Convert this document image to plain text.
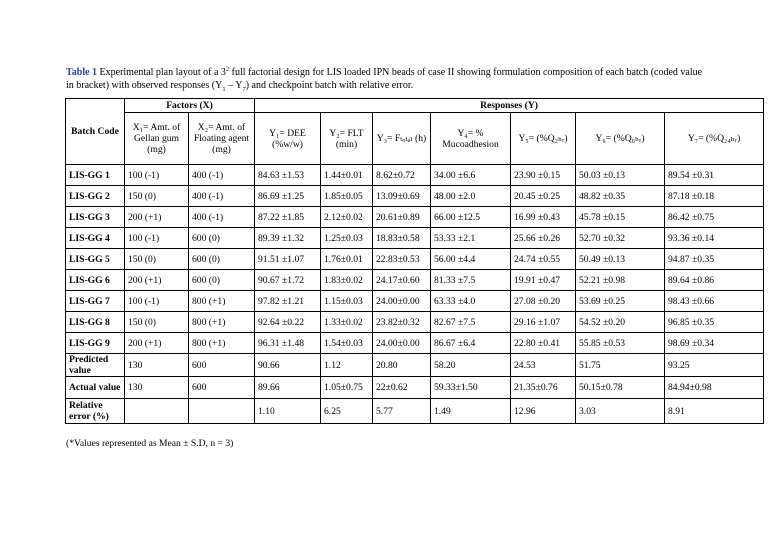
Table 1 Experimental plan layout of a $3^2$ full factorial design for LIS loaded IPN beads of case II showing formulation composition of each batch (coded value in bracket) with observed responses $(Y_1 - Y_7)$ and checkpoint batch with relative error.
Batch Code	Factors (X)		Responses (Y)						
	X₁= Amt. of Gellan gum (mg)	X₂= Amt. of Floating agent (mg)	Y₁= DEE (%w/w)	Y₂= FLT (min)	Y₃= Fₜₒₜₐₗ (h)	Y₄= % Mucoadhesion	Y₅= (%Q₂ₕᵣ)	Y₆= (%Q₆ₕᵣ)	Y₇= (%Q₂₄ₕᵣ)
LIS-GG 1	100 (-1)	400 (-1)	84.63 ±1.53	1.44±0.01	8.62±0.72	34.00 ±6.6	23.90 ±0.15	50.03 ±0.13	89.54 ±0.31
LIS-GG 2	150 (0)	400 (-1)	86.69 ±1.25	1.85±0.05	13.09±0.69	48.00 ±2.0	20.45 ±0.25	48.82 ±0.35	87.18 ±0.18
LIS-GG 3	200 (+1)	400 (-1)	87.22 ±1.85	2.12±0.02	20.61±0.89	66.00 ±12.5	16.99 ±0.43	45.78 ±0.15	86.42 ±0.75
LIS-GG 4	100 (-1)	600 (0)	89.39 ±1.32	1.25±0.03	18.83±0.58	53.33 ±2.1	25.66 ±0.26	52.70 ±0.32	93.36 ±0.14
LIS-GG 5	150 (0)	600 (0)	91.51 ±1.07	1.76±0.01	22.83±0.53	56.00 ±4.4	24.74 ±0.55	50.49 ±0.13	94.87 ±0.35
LIS-GG 6	200 (+1)	600 (0)	90.67 ±1.72	1.83±0.02	24.17±0.60	81.33 ±7.5	19.91 ±0.47	52.21 ±0.98	89.64 ±0.86
LIS-GG 7	100 (-1)	800 (+1)	97.82 ±1.21	1.15±0.03	24.00±0.00	63.33 ±4.0	27.08 ±0.20	53.69 ±0.25	98.43 ±0.66
LIS-GG 8	150 (0)	800 (+1)	92.64 ±0.22	1.33±0.02	23.82±0.32	82.67 ±7.5	29.16 ±1.07	54.52 ±0.20	96.85 ±0.35
LIS-GG 9	200 (+1)	800 (+1)	96.31 ±1.48	1.54±0.03	24.00±0.00	86.67 ±6.4	22.80 ±0.41	55.85 ±0.53	98.69 ±0.34
Predicted value	130	600	90.66	1.12	20.80	58.20	24.53	51.75	93.25
Actual value	130	600	89.66	1.05±0.75	22±0.62	59.33±1.50	21.35±0.76	50.15±0.78	84.94±0.98
Relative error (%)			1.10	6.25	5.77	1.49	12.96	3.03	8.91
(*Values represented as Mean ± S.D, n = 3)
